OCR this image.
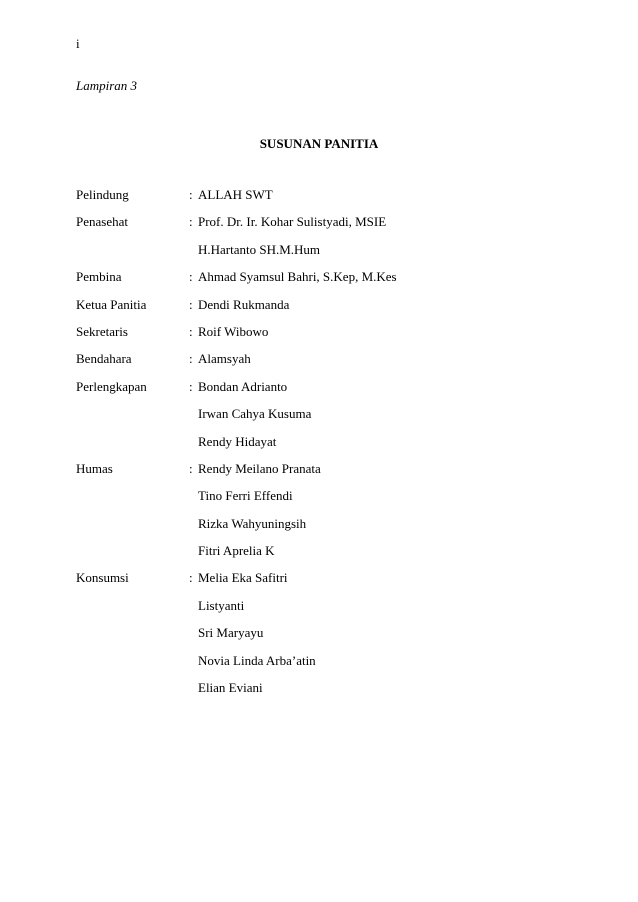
i
Lampiran 3
SUSUNAN PANITIA
Pelindung	: ALLAH SWT
Penasehat	: Prof. Dr. Ir. Kohar Sulistyadi, MSIE
H.Hartanto SH.M.Hum
Pembina	: Ahmad Syamsul Bahri, S.Kep, M.Kes
Ketua Panitia	: Dendi Rukmanda
Sekretaris	: Roif Wibowo
Bendahara	: Alamsyah
Perlengkapan	: Bondan Adrianto
Irwan Cahya Kusuma
Rendy Hidayat
Humas	: Rendy Meilano Pranata
Tino Ferri Effendi
Rizka Wahyuningsih
Fitri Aprelia K
Konsumsi	: Melia Eka Safitri
Listyanti
Sri Maryayu
Novia Linda Arba’atin
Elian Eviani
